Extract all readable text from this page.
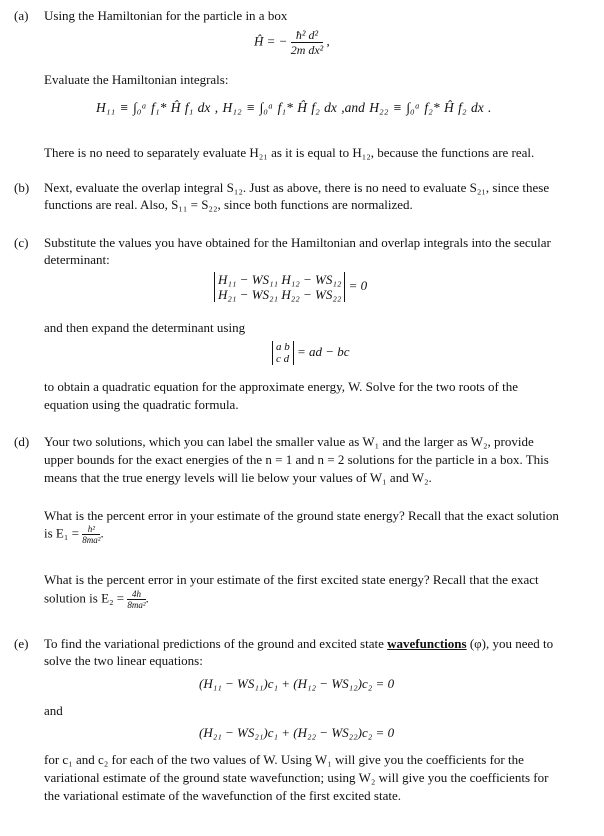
(a) Using the Hamiltonian for the particle in a box
Ĥ = − $\frac{\text{ħ² d²}}{\text{2m dx²}}$ ,
Evaluate the Hamiltonian integrals:
H₁₁ ≡ ∫₀ᵃ f₁* Ĥ f₁ dx , H₁₂ ≡ ∫₀ᵃ f₁* Ĥ f₂ dx ,and H₂₂ ≡ ∫₀ᵃ f₂* Ĥ f₂ dx .
There is no need to separately evaluate H₂₁ as it is equal to H₁₂, because the functions are real.
(b) Next, evaluate the overlap integral S₁₂. Just as above, there is no need to evaluate S₂₁, since these
functions are real. Also, S₁₁ = S₂₂, since both functions are normalized.
(c) Substitute the values you have obtained for the Hamiltonian and overlap integrals into the secular
determinant:
H₁₁ − WS₁₁ H₁₂ − WS₁₂
H₂₁ − WS₂₁ H₂₂ − WS₂₂
= 0
and then expand the determinant using
a b
c d
= ad − bc
to obtain a quadratic equation for the approximate energy, W. Solve for the two roots of the
equation using the quadratic formula.
(d) Your two solutions, which you can label the smaller value as W₁ and the larger as W₂, provide
upper bounds for the exact energies of the n = 1 and n = 2 solutions for the particle in a box. This
means that the true energy levels will lie below your values of W₁ and W₂.
What is the percent error in your estimate of the ground state energy? Recall that the exact solution
is $E_1 = \frac{\text{h²}}{\text{8ma²}}$ .
What is the percent error in your estimate of the first excited state energy? Recall that the exact
solution is $E_2 = \frac{4h}{\text{8ma²}}$ .
(e) To find the variational predictions of the ground and excited state wavefunctions (φ), you need to
solve the two linear equations:
(H₁₁ − WS₁₁)c₁ + (H₁₂ − WS₁₂)c₂ = 0
and
(H₂₁ − WS₂₁)c₁ + (H₂₂ − WS₂₂)c₂ = 0
for c₁ and c₂ for each of the two values of W. Using W₁ will give you the coefficients for the
variational estimate of the ground state wavefunction; using W₂ will give you the coefficients for
the variational estimate of the wavefunction of the first excited state.
